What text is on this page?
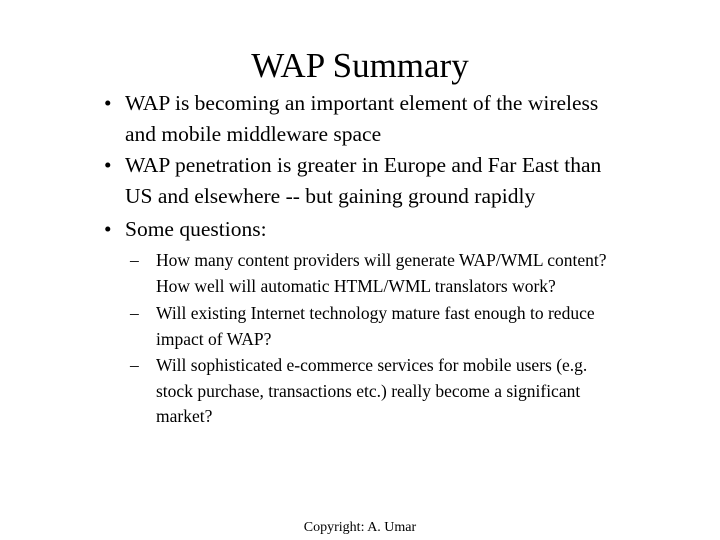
WAP Summary
• WAP is becoming an important element of the wireless
and mobile middleware space
• WAP penetration is greater in Europe and Far East than
US and elsewhere -- but gaining ground rapidly
• Some questions:
– How many content providers will generate WAP/WML content?
How well will automatic HTML/WML translators work?
– Will existing Internet technology mature fast enough to reduce
impact of WAP?
– Will sophisticated e-commerce services for mobile users (e.g.
stock purchase, transactions etc.) really become a significant
market?
Copyright: A. Umar
